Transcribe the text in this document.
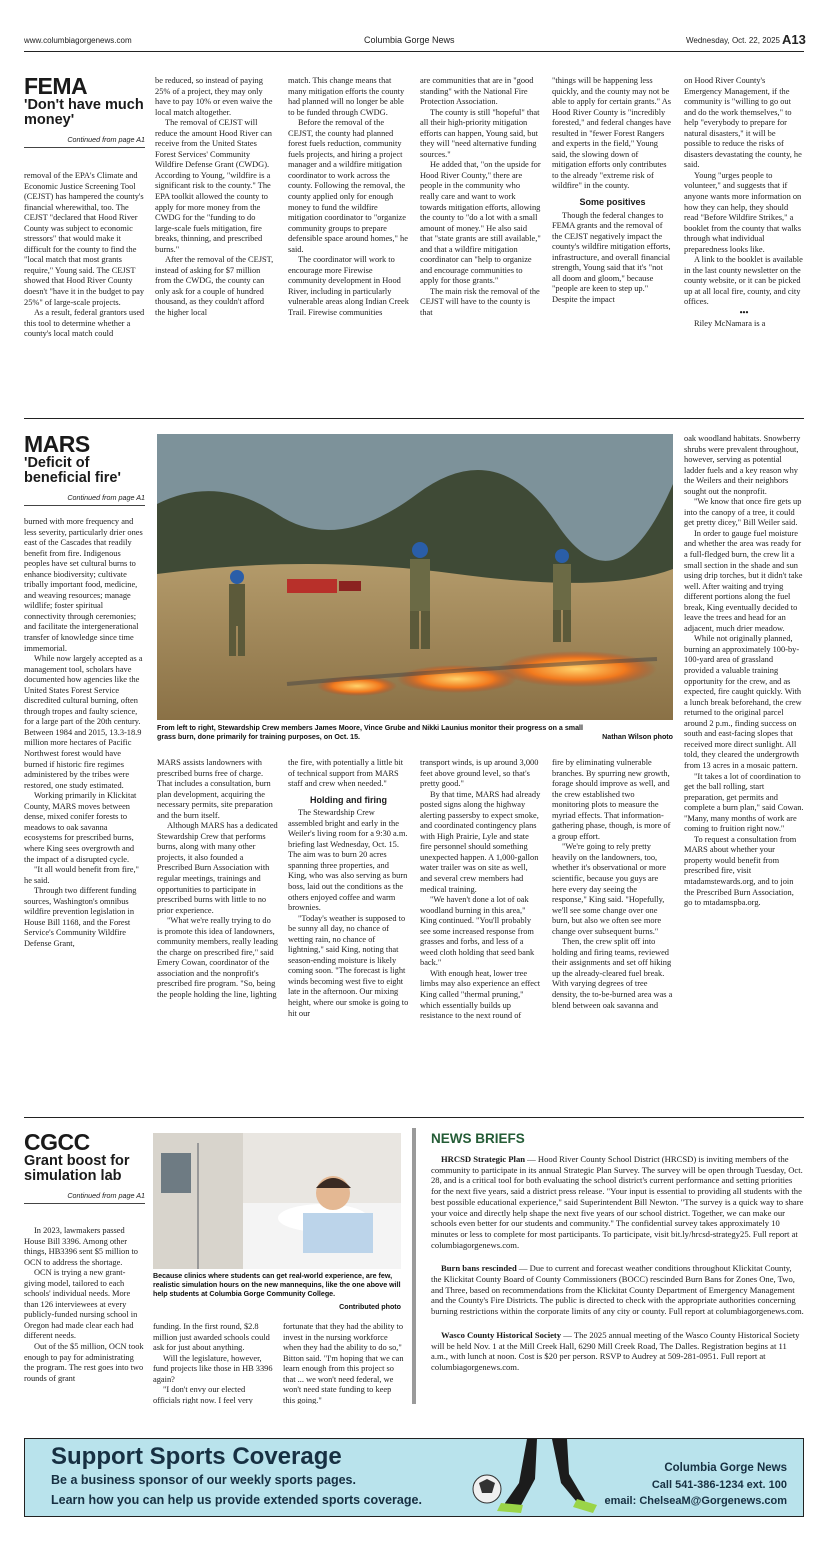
www.columbiagorgenews.com	Columbia Gorge News	Wednesday, Oct. 22, 2025 A13
FEMA
'Don't have much money'
Continued from page A1

removal of the EPA's Climate and Economic Justice Screening Tool (CEJST) has hampered the county's financial wherewithal, too. The CEJST "declared that Hood River County was subject to economic stressors" that would make it difficult for the county to find the "local match that most grants require," Young said. The CEJST showed that Hood River County doesn't "have it in the budget to pay 25%" of large-scale projects.

As a result, federal grantors used this tool to determine whether a county's local match could

be reduced, so instead of paying 25% of a project, they may only have to pay 10% or even waive the local match altogether.

The removal of CEJST will reduce the amount Hood River can receive from the United States Forest Services' Community Wildfire Defense Grant (CWDG). According to Young, "wildfire is a significant risk to the county." The EPA toolkit allowed the county to apply for more money from the CWDG for the "funding to do large-scale fuels mitigation, fire breaks, thinning, and prescribed burns."

After the removal of the CEJST, instead of asking for $7 million from the CWDG, the county can only ask for a couple of hundred thousand, as they couldn't afford the higher local

match. This change means that many mitigation efforts the county had planned will no longer be able to be funded through CWDG.

Before the removal of the CEJST, the county had planned forest fuels reduction, community fuels projects, and hiring a project manager and a wildfire mitigation coordinator to work across the county. Following the removal, the county applied only for enough money to fund the wildfire mitigation coordinator to "organize community groups to prepare defensible space around homes," he said.

The coordinator will work to encourage more Firewise community development in Hood River, including in particularly vulnerable areas along Indian Creek Trail. Firewise communities

are communities that are in "good standing" with the National Fire Protection Association.

The county is still "hopeful" that all their high-priority mitigation efforts can happen, Young said, but they will "need alternative funding sources."

He added that, "on the upside for Hood River County," there are people in the community who really care and want to work towards mitigation efforts, allowing the county to "do a lot with a small amount of money." He also said that "state grants are still available," and that a wildfire mitigation coordinator can "help to organize and encourage communities to apply for those grants."

The main risk the removal of the CEJST will have to the county is that

"things will be happening less quickly, and the county may not be able to apply for certain grants." As Hood River County is "incredibly forested," and federal changes have resulted in "fewer Forest Rangers and experts in the field," Young said, the slowing down of mitigation efforts only contributes to the already "extreme risk of wildfire" in the county.

Some positives

Though the federal changes to FEMA grants and the removal of the CEJST negatively impact the county's wildfire mitigation efforts, infrastructure, and overall financial strength, Young said that it's "not all doom and gloom," because "people are keen to step up." Despite the impact

on Hood River County's Emergency Management, if the community is "willing to go out and do the work themselves," to help "everybody to prepare for natural disasters," it will be possible to reduce the risks of disasters devastating the county, he said.

Young "urges people to volunteer," and suggests that if anyone wants more information on how they can help, they should read "Before Wildfire Strikes," a booklet from the county that walks through what individual preparedness looks like.

A link to the booklet is available in the last county newsletter on the county website, or it can be picked up at all local fire, county, and city offices.

•••

Riley McNamara is a

MARS
'Deficit of beneficial fire'
Continued from page A1

burned with more frequency and less severity, particularly drier ones east of the Cascades that readily benefit from fire. Indigenous peoples have set cultural burns to enhance biodiversity; cultivate tribally important food, medicine, and weaving resources; manage wildlife; foster spiritual connectivity through ceremonies; and facilitate the intergenerational transfer of knowledge since time immemorial.

While now largely accepted as a management tool, scholars have documented how agencies like the United States Forest Service discredited cultural burning, often through tropes and faulty science, for a large part of the 20th century. Between 1984 and 2015, 13.3-18.9 million more hectares of Pacific Northwest forest would have burned if historic fire regimes administered by the tribes were restored, one study estimated.

Working primarily in Klickitat County, MARS moves between dense, mixed conifer forests to meadows to oak savanna ecosystems for prescribed burns, where King sees overgrowth and the impact of a disrupted cycle.

"It all would benefit from fire," he said.

Through two different funding sources, Washington's omnibus wildfire prevention legislation in House Bill 1168, and the Forest Service's Community Wildfire Defense Grant,

From left to right, Stewardship Crew members James Moore, Vince Grube and Nikki Launius monitor their progress on a small grass burn, done primarily for training purposes, on Oct. 15.	Nathan Wilson photo

MARS assists landowners with prescribed burns free of charge. That includes a consultation, burn plan development, acquiring the necessary permits, site preparation and the burn itself.

Although MARS has a dedicated Stewardship Crew that performs burns, along with many other projects, it also founded a Prescribed Burn Association with regular meetings, trainings and opportunities to participate in prescribed burns with little to no prior experience.

"What we're really trying to do is promote this idea of landowners, community members, really leading the charge on prescribed fire," said Emery Cowan, coordinator of the association and the nonprofit's prescribed fire program. "So, being the people holding the line, lighting

the fire, with potentially a little bit of technical support from MARS staff and crew when needed."

Holding and firing

The Stewardship Crew assembled bright and early in the Weiler's living room for a 9:30 a.m. briefing last Wednesday, Oct. 15. The aim was to burn 20 acres spanning three properties, and King, who was also serving as burn boss, laid out the conditions as the others enjoyed coffee and warm brownies.

"Today's weather is supposed to be sunny all day, no chance of wetting rain, no chance of lightning," said King, noting that season-ending moisture is likely coming soon. "The forecast is light winds becoming west five to eight late in the afternoon. Our mixing height, where our smoke is going to hit our

transport winds, is up around 3,000 feet above ground level, so that's pretty good."

By that time, MARS had already posted signs along the highway alerting passersby to expect smoke, and coordinated contingency plans with High Prairie, Lyle and state fire personnel should something unexpected happen. A 1,000-gallon water trailer was on site as well, and several crew members had medical training.

"We haven't done a lot of oak woodland burning in this area," King continued. "You'll probably see some increased response from grasses and forbs, and less of a weed cloth holding that seed bank back."

With enough heat, lower tree limbs may also experience an effect King called "thermal pruning," which essentially builds up resistance to the next round of

fire by eliminating vulnerable branches. By spurring new growth, forage should improve as well, and the crew established two monitoring plots to measure the myriad effects. That information-gathering phase, though, is more of a group effort.

"We're going to rely pretty heavily on the landowners, too, whether it's observational or more scientific, because you guys are here every day seeing the response," King said. "Hopefully, we'll see some change over one burn, but also we often see more change over subsequent burns."

Then, the crew split off into holding and firing teams, reviewed their assignments and set off hiking up the already-cleared fuel break. With varying degrees of tree density, the to-be-burned area was a blend between oak savanna and

oak woodland habitats. Snowberry shrubs were prevalent throughout, however, serving as potential ladder fuels and a key reason why the Weilers and their neighbors sought out the nonprofit.

"We know that once fire gets up into the canopy of a tree, it could get pretty dicey," Bill Weiler said.

In order to gauge fuel moisture and whether the area was ready for a full-fledged burn, the crew lit a small section in the shade and sun using drip torches, but it didn't take well. After waiting and trying different portions along the fuel break, King eventually decided to leave the trees and head for an adjacent, much drier meadow.

While not originally planned, burning an approximately 100-by-100-yard area of grassland provided a valuable training opportunity for the crew, and as expected, fire caught quickly. With a lunch break beforehand, the crew returned to the original parcel around 2 p.m., finding success on south and east-facing slopes that received more direct sunlight. All told, they cleared the undergrowth from 13 acres in a mosaic pattern.

"It takes a lot of coordination to get the ball rolling, start preparation, get permits and complete a burn plan," said Cowan. "Many, many months of work are coming to fruition right now."

To request a consultation from MARS about whether your property would benefit from prescribed fire, visit mtadamstewards.org, and to join the Prescribed Burn Association, go to mtadamspba.org.

CGCC
Grant boost for simulation lab
Continued from page A1

In 2023, lawmakers passed House Bill 3396. Among other things, HB3396 sent $5 million to OCN to address the shortage.

OCN is trying a new grant-giving model, tailored to each schools' individual needs. More than 126 interviewees at every publicly-funded nursing school in Oregon had made clear each had different needs.

Out of the $5 million, OCN took enough to pay for administrating the program. The rest goes into two rounds of grant

Because clinics where students can get real-world experience, are few, realistic simulation hours on the new mannequins, like the one above will help students at Columbia Gorge Community College.
Contributed photo

funding. In the first round, $2.8 million just awarded schools could ask for just about anything.

Will the legislature, however, fund projects like those in HB 3396 again?

"I don't envy our elected officials right now. I feel very

fortunate that they had the ability to invest in the nursing workforce when they had the ability to do so," Bitton said. "I'm hoping that we can learn enough from this project so that ... we won't need federal, we won't need state funding to keep this going."

NEWS BRIEFS

HRCSD Strategic Plan — Hood River County School District (HRCSD) is inviting members of the community to participate in its annual Strategic Plan Survey. The survey will be open through Tuesday, Oct. 28, and is a critical tool for both evaluating the school district's current performance and setting priorities for the next five years, said a district press release. "Your input is essential to providing all students with the best possible educational experience," said Superintendent Bill Newton. "The survey is a quick way to share your voice and directly help shape the next five years of our school district. Together, we can make our schools even better for our students and community." The confidential survey takes approximately 10 minutes or less to complete for most participants. To participate, visit bit.ly/hrcsd-strategy25. Full report at columbiagorgenews.com.

Burn bans rescinded — Due to current and forecast weather conditions throughout Klickitat County, the Klickitat County Board of County Commissioners (BOCC) rescinded Burn Bans for Zones One, Two, and Three, based on recommendations from the Klickitat County Department of Emergency Management and the County's Fire Districts. The public is directed to check with the appropriate authorities concerning burning restrictions within the corporate limits of any city or county. Full report at columbiagorgenews.com.

Wasco County Historical Society — The 2025 annual meeting of the Wasco County Historical Society will be held Nov. 1 at the Mill Creek Hall, 6290 Mill Creek Road, The Dalles. Registration begins at 11 a.m., with lunch at noon. Cost is $20 per person. RSVP to Audrey at 509-281-0951. Full report at columbiagorgenews.com.

Support Sports Coverage
Be a business sponsor of our weekly sports pages.
Learn how you can help us provide extended sports coverage.
Columbia Gorge News
Call 541-386-1234 ext. 100
email: ChelseaM@Gorgenews.com
